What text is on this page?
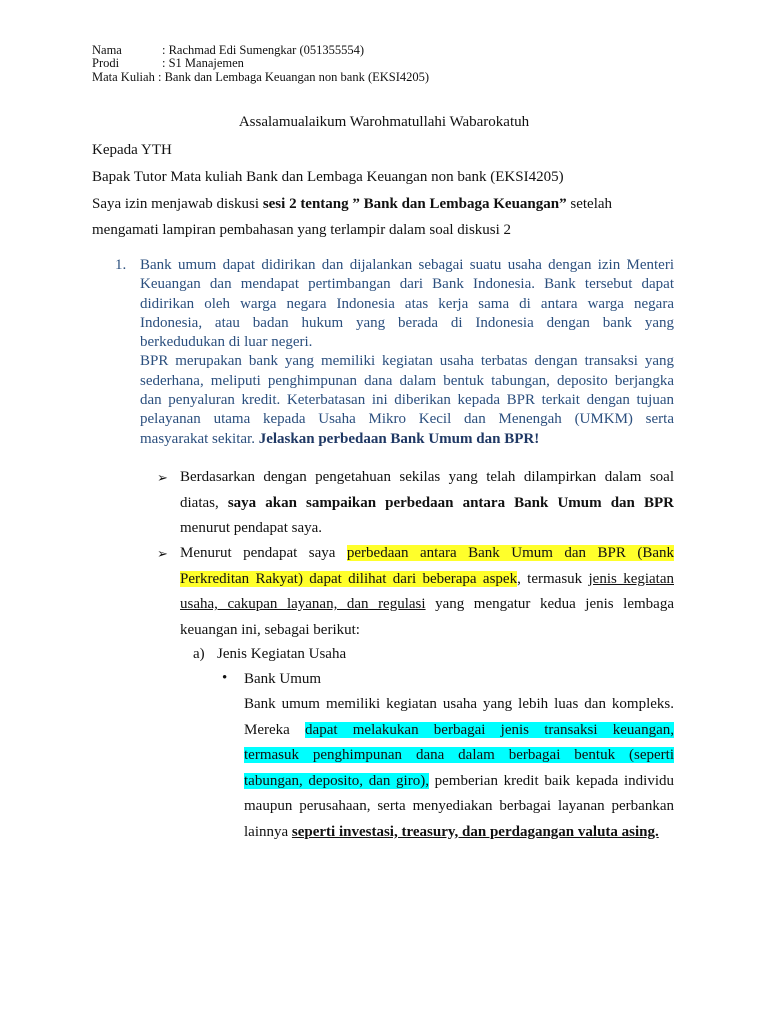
Nama	: Rachmad Edi Sumengkar (051355554)
Prodi	: S1 Manajemen
Mata Kuliah : Bank dan Lembaga Keuangan non bank (EKSI4205)
Assalamualaikum Warohmatullahi Wabarokatuh
Kepada YTH
Bapak Tutor Mata kuliah Bank dan Lembaga Keuangan non bank (EKSI4205)
Saya izin menjawab diskusi sesi 2 tentang ” Bank dan Lembaga Keuangan” setelah
mengamati lampiran pembahasan yang terlampir dalam soal diskusi 2
1. Bank umum dapat didirikan dan dijalankan sebagai suatu usaha dengan izin Menteri
Keuangan dan mendapat pertimbangan dari Bank Indonesia. Bank tersebut dapat
didirikan oleh warga negara Indonesia atas kerja sama di antara warga negara
Indonesia, atau badan hukum yang berada di Indonesia dengan bank yang
berkedudukan di luar negeri.
BPR merupakan bank yang memiliki kegiatan usaha terbatas dengan transaksi yang
sederhana, meliputi penghimpunan dana dalam bentuk tabungan, deposito berjangka
dan penyaluran kredit. Keterbatasan ini diberikan kepada BPR terkait dengan tujuan
pelayanan utama kepada Usaha Mikro Kecil dan Menengah (UMKM) serta
masyarakat sekitar. Jelaskan perbedaan Bank Umum dan BPR!
➢ Berdasarkan dengan pengetahuan sekilas yang telah dilampirkan dalam soal
diatas, saya akan sampaikan perbedaan antara Bank Umum dan BPR
menurut pendapat saya.
➢ Menurut pendapat saya perbedaan antara Bank Umum dan BPR (Bank
Perkreditan Rakyat) dapat dilihat dari beberapa aspek, termasuk jenis kegiatan
usaha, cakupan layanan, dan regulasi yang mengatur kedua jenis lembaga
keuangan ini, sebagai berikut:
a) Jenis Kegiatan Usaha
• Bank Umum
Bank umum memiliki kegiatan usaha yang lebih luas dan kompleks.
Mereka dapat melakukan berbagai jenis transaksi keuangan,
termasuk penghimpunan dana dalam berbagai bentuk (seperti
tabungan, deposito, dan giro), pemberian kredit baik kepada individu
maupun perusahaan, serta menyediakan berbagai layanan perbankan
lainnya seperti investasi, treasury, dan perdagangan valuta asing.
